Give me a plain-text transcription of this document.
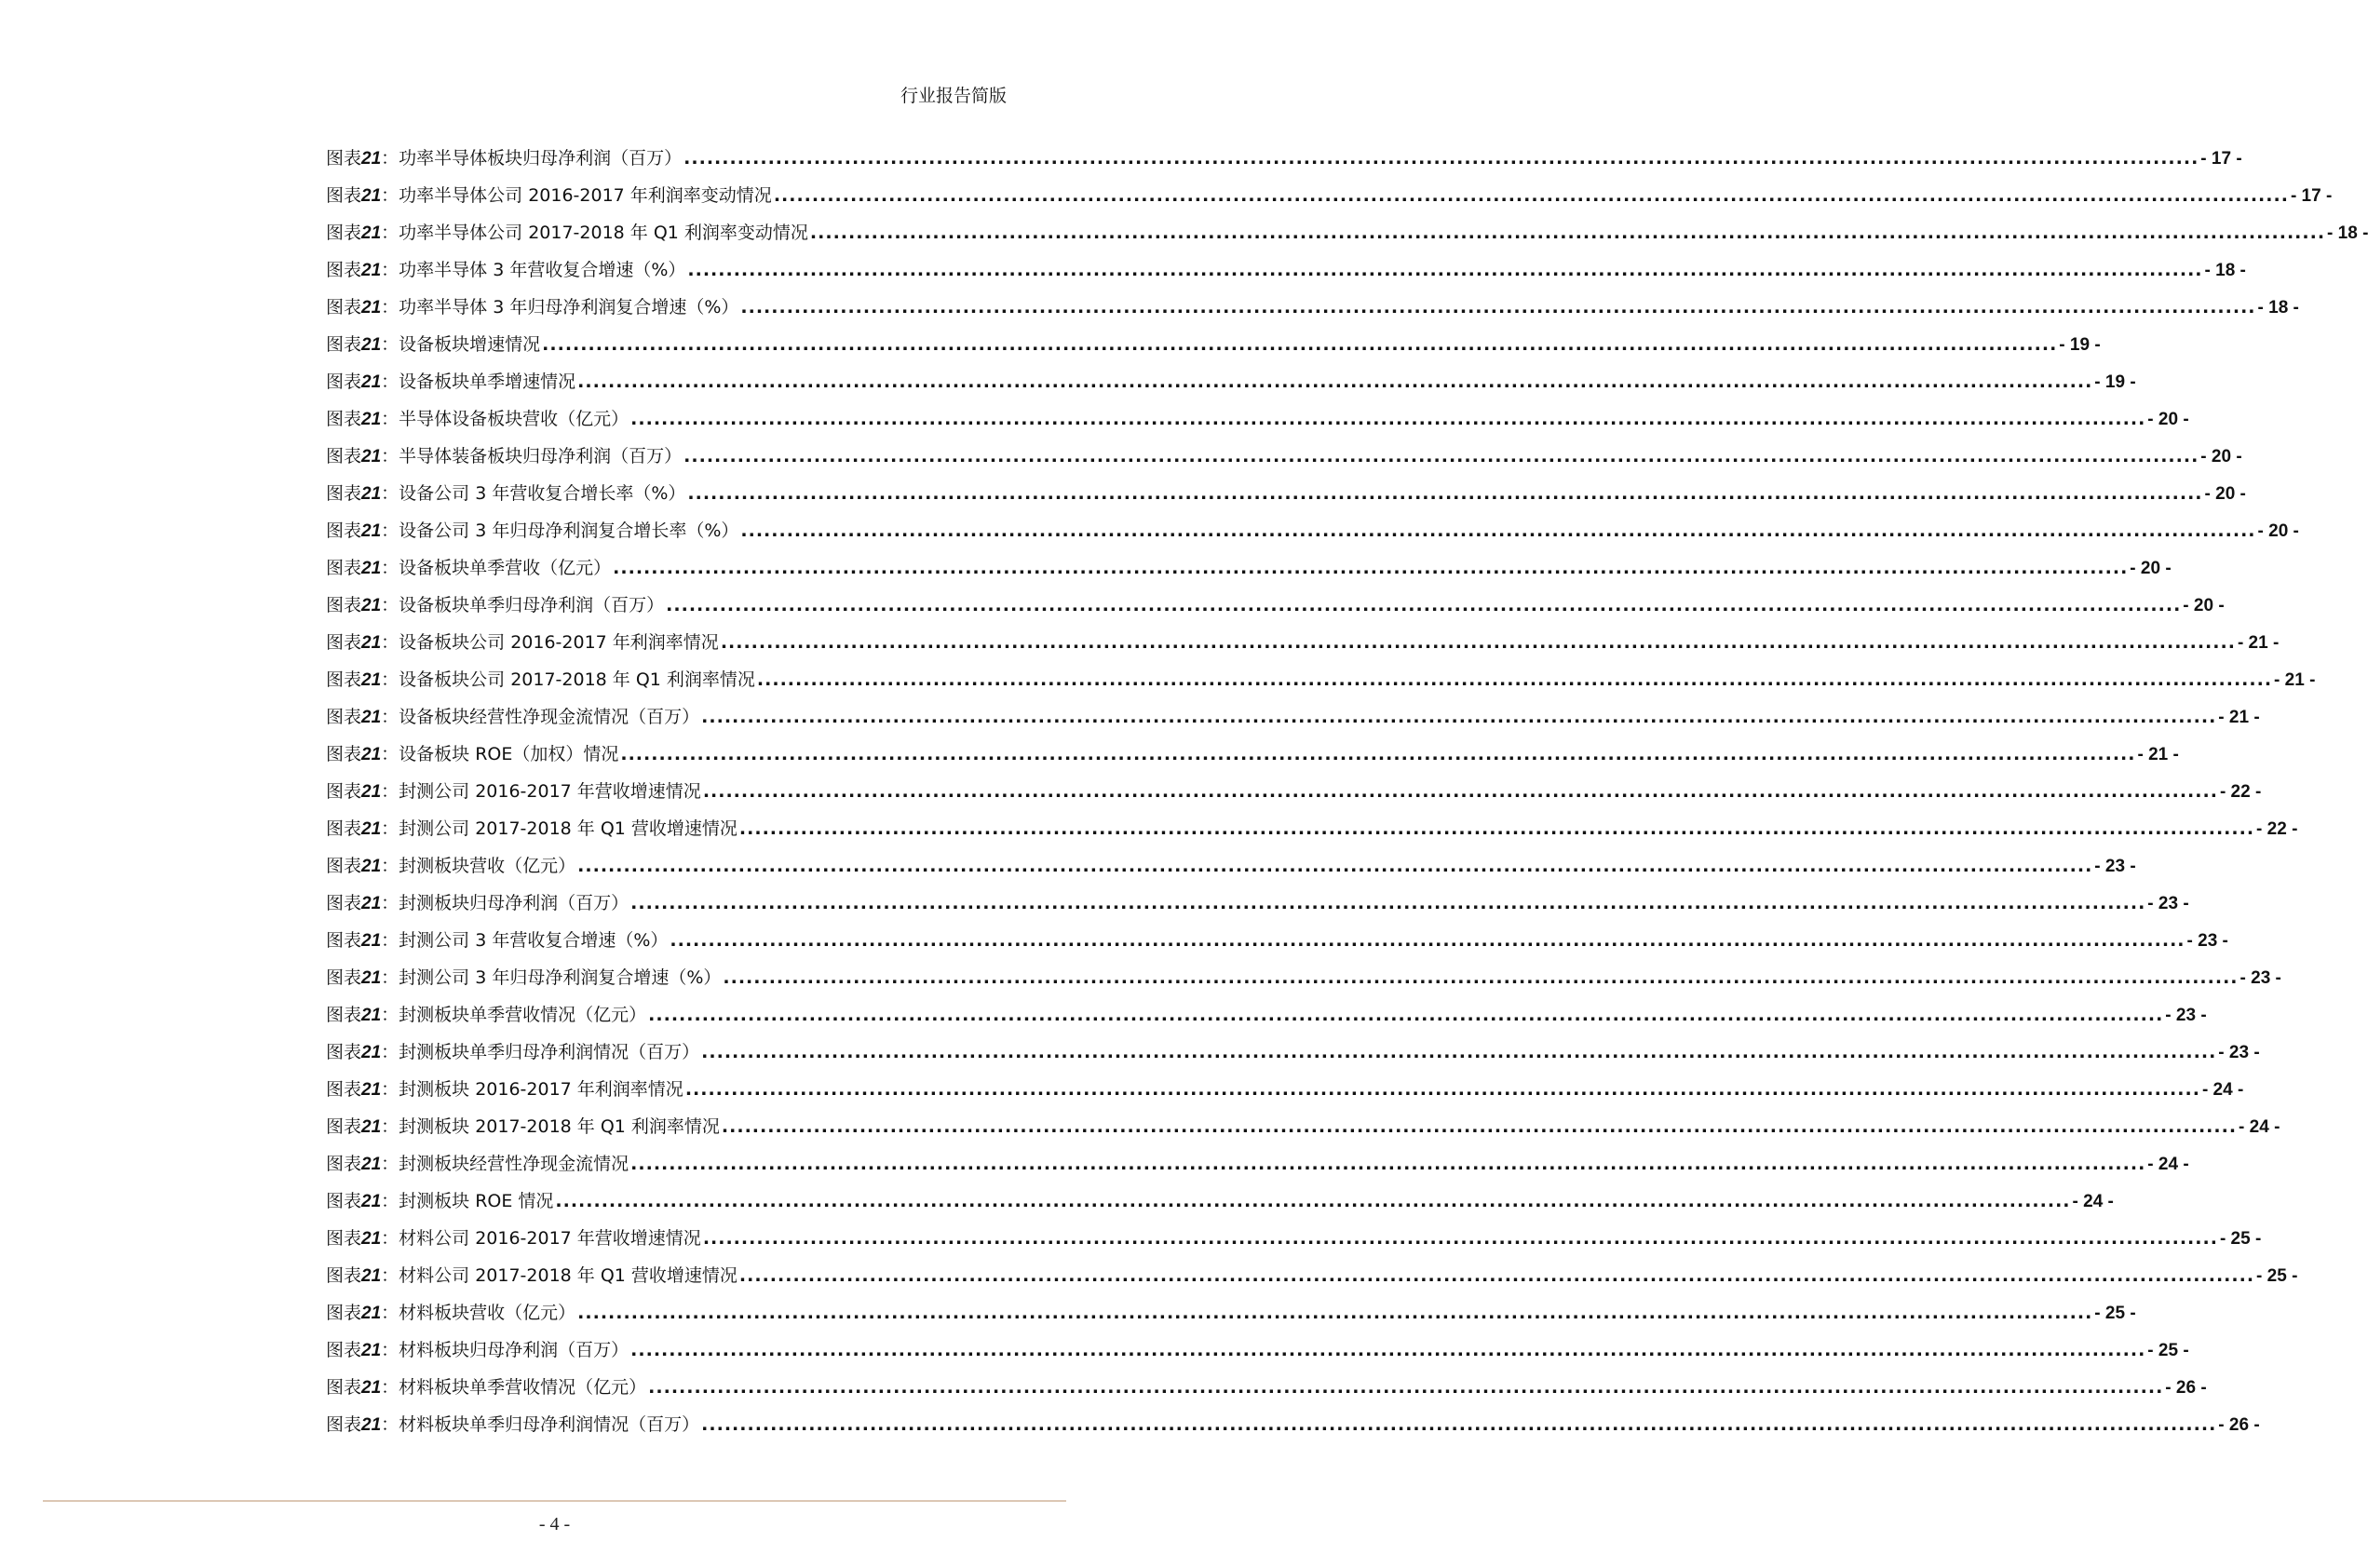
行业报告简版
图表 21 ：功率半导体板块归母净利润（百万） .....	- 17 -
图表 21 ：功率半导体公司 2016-2017 年利润率变动情况 .....	- 17 -
图表 21 ：功率半导体公司 2017-2018 年 Q1 利润率变动情况 .....	- 18 -
图表 21 ：功率半导体 3 年营收复合增速（%） .....	- 18 -
图表 21 ：功率半导体 3 年归母净利润复合增速（%） .....	- 18 -
图表 21 ：设备板块增速情况 .....	- 19 -
图表 21 ：设备板块单季增速情况 .....	- 19 -
图表 21 ：半导体设备板块营收（亿元） .....	- 20 -
图表 21 ：半导体装备板块归母净利润（百万） .....	- 20 -
图表 21 ：设备公司 3 年营收复合增长率（%） .....	- 20 -
图表 21 ：设备公司 3 年归母净利润复合增长率（%） .....	- 20 -
图表 21 ：设备板块单季营收（亿元） .....	- 20 -
图表 21 ：设备板块单季归母净利润（百万） .....	- 20 -
图表 21 ：设备板块公司 2016-2017 年利润率情况 .....	- 21 -
图表 21 ：设备板块公司 2017-2018 年 Q1 利润率情况 .....	- 21 -
图表 21 ：设备板块经营性净现金流情况（百万） .....	- 21 -
图表 21 ：设备板块 ROE（加权）情况 .....	- 21 -
图表 21 ：封测公司 2016-2017 年营收增速情况 .....	- 22 -
图表 21 ：封测公司 2017-2018 年 Q1 营收增速情况 .....	- 22 -
图表 21 ：封测板块营收（亿元） .....	- 23 -
图表 21 ：封测板块归母净利润（百万） .....	- 23 -
图表 21 ：封测公司 3 年营收复合增速（%） .....	- 23 -
图表 21 ：封测公司 3 年归母净利润复合增速（%） .....	- 23 -
图表 21 ：封测板块单季营收情况（亿元） .....	- 23 -
图表 21 ：封测板块单季归母净利润情况（百万） .....	- 23 -
图表 21 ：封测板块 2016-2017 年利润率情况 .....	- 24 -
图表 21 ：封测板块 2017-2018 年 Q1 利润率情况 .....	- 24 -
图表 21 ：封测板块经营性净现金流情况 .....	- 24 -
图表 21 ：封测板块 ROE 情况 .....	- 24 -
图表 21 ：材料公司 2016-2017 年营收增速情况 .....	- 25 -
图表 21 ：材料公司 2017-2018 年 Q1 营收增速情况 .....	- 25 -
图表 21 ：材料板块营收（亿元） .....	- 25 -
图表 21 ：材料板块归母净利润（百万） .....	- 25 -
图表 21 ：材料板块单季营收情况（亿元） .....	- 26 -
图表 21 ：材料板块单季归母净利润情况（百万） .....	- 26 -
- 4 -
